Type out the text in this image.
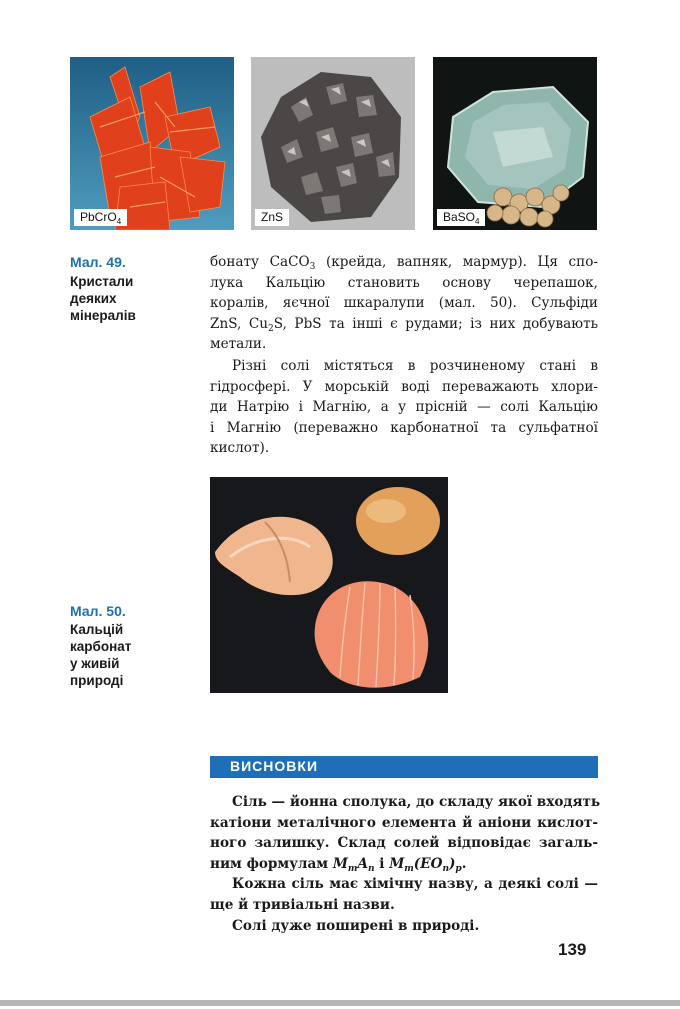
PbCrO$_4$	ZnS	BaSO$_4$
Мал. 49.
Кристали
деяких
мінералів
бонату CaCO$_3$ (крейда, вапняк, мармур). Ця спо-
лука Кальцію становить основу черепашок,
коралів, яєчної шкаралупи (мал. 50). Сульфіди
ZnS, $Cu_2S$, PbS та інші є рудами; із них добувають
метали.
Різні солі містяться в розчиненому стані в
гідросфері. У морській воді переважають хлори-
ди Натрію і Магнію, а у прісній — солі Кальцію
і Магнію (переважно карбонатної та сульфатної
кислот).
Мал. 50.
Кальцій
карбонат
у живій
природі
ВИСНОВКИ
Сіль — йонна сполука, до складу якої входять
катіони металічного елемента й аніони кислот-
ного залишку. Склад солей відповідає загаль-
ним формулам $M_mA_n$ і $M_m(EO_n)_p$.
Кожна сіль має хімічну назву, а деякі солі —
ще й тривіальні назви.
Солі дуже поширені в природі.
139
